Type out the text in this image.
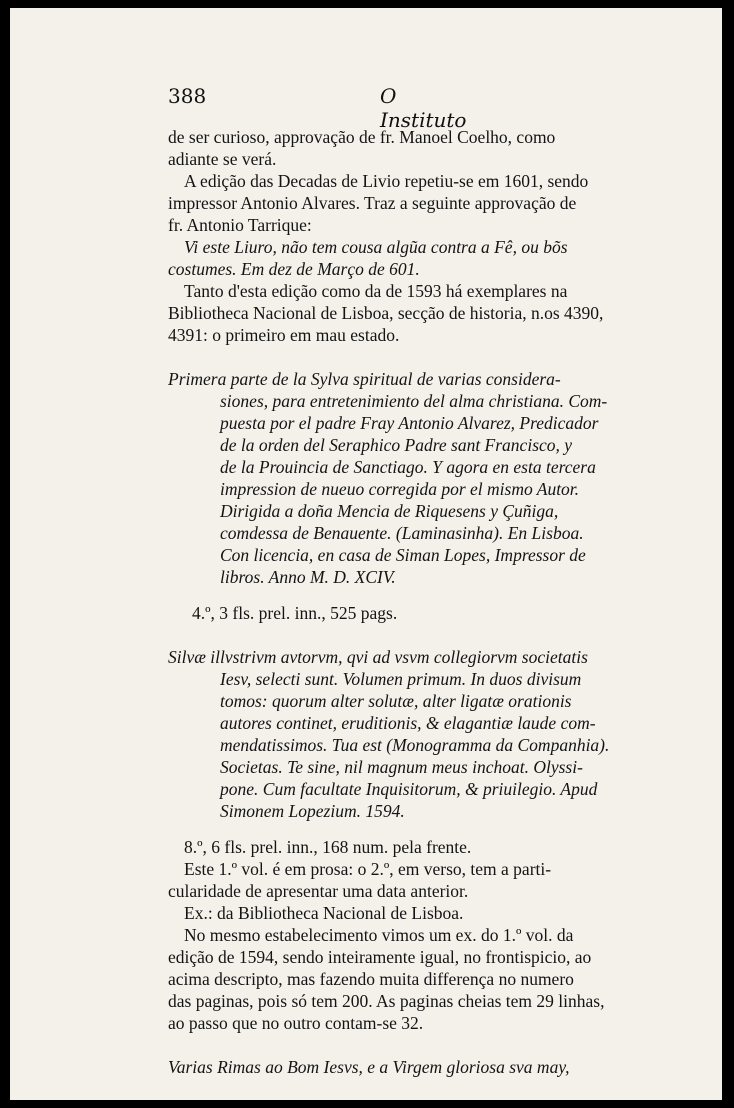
388	O Instituto
de ser curioso, approvação de fr. Manoel Coelho, como
adiante se verá.
A edição das Decadas de Livio repetiu-se em 1601, sendo
impressor Antonio Alvares. Traz a seguinte approvação de
fr. Antonio Tarrique:
Vi este Liuro, não tem cousa algũa contra a Fê, ou bõs
costumes. Em dez de Março de 601.
Tanto d'esta edição como da de 1593 há exemplares na
Bibliotheca Nacional de Lisboa, secção de historia, n.os 4390,
4391: o primeiro em mau estado.
Primera parte de la Sylva spiritual de varias considera-
siones, para entretenimiento del alma christiana. Com-
puesta por el padre Fray Antonio Alvarez, Predicador
de la orden del Seraphico Padre sant Francisco, y
de la Prouincia de Sanctiago. Y agora en esta tercera
impression de nueuo corregida por el mismo Autor.
Dirigida a doña Mencia de Riquesens y Çuñiga,
comdessa de Benauente. (Laminasinha). En Lisboa.
Con licencia, en casa de Siman Lopes, Impressor de
libros. Anno M. D. XCIV.
4.º, 3 fls. prel. inn., 525 pags.
Silvæ illvstrivm avtorvm, qvi ad vsvm collegiorvm societatis
Iesv, selecti sunt. Volumen primum. In duos divisum
tomos: quorum alter solutæ, alter ligatæ orationis
autores continet, eruditionis, & elagantiæ laude com-
mendatissimos. Tua est (Monogramma da Companhia).
Societas. Te sine, nil magnum meus inchoat. Olyssi-
pone. Cum facultate Inquisitorum, & priuilegio. Apud
Simonem Lopezium. 1594.
8.º, 6 fls. prel. inn., 168 num. pela frente.
Este 1.º vol. é em prosa: o 2.º, em verso, tem a parti-
cularidade de apresentar uma data anterior.
Ex.: da Bibliotheca Nacional de Lisboa.
No mesmo estabelecimento vimos um ex. do 1.º vol. da
edição de 1594, sendo inteiramente igual, no frontispicio, ao
acima descripto, mas fazendo muita differença no numero
das paginas, pois só tem 200. As paginas cheias tem 29 linhas,
ao passo que no outro contam-se 32.
Varias Rimas ao Bom Iesvs, e a Virgem gloriosa sva may,
